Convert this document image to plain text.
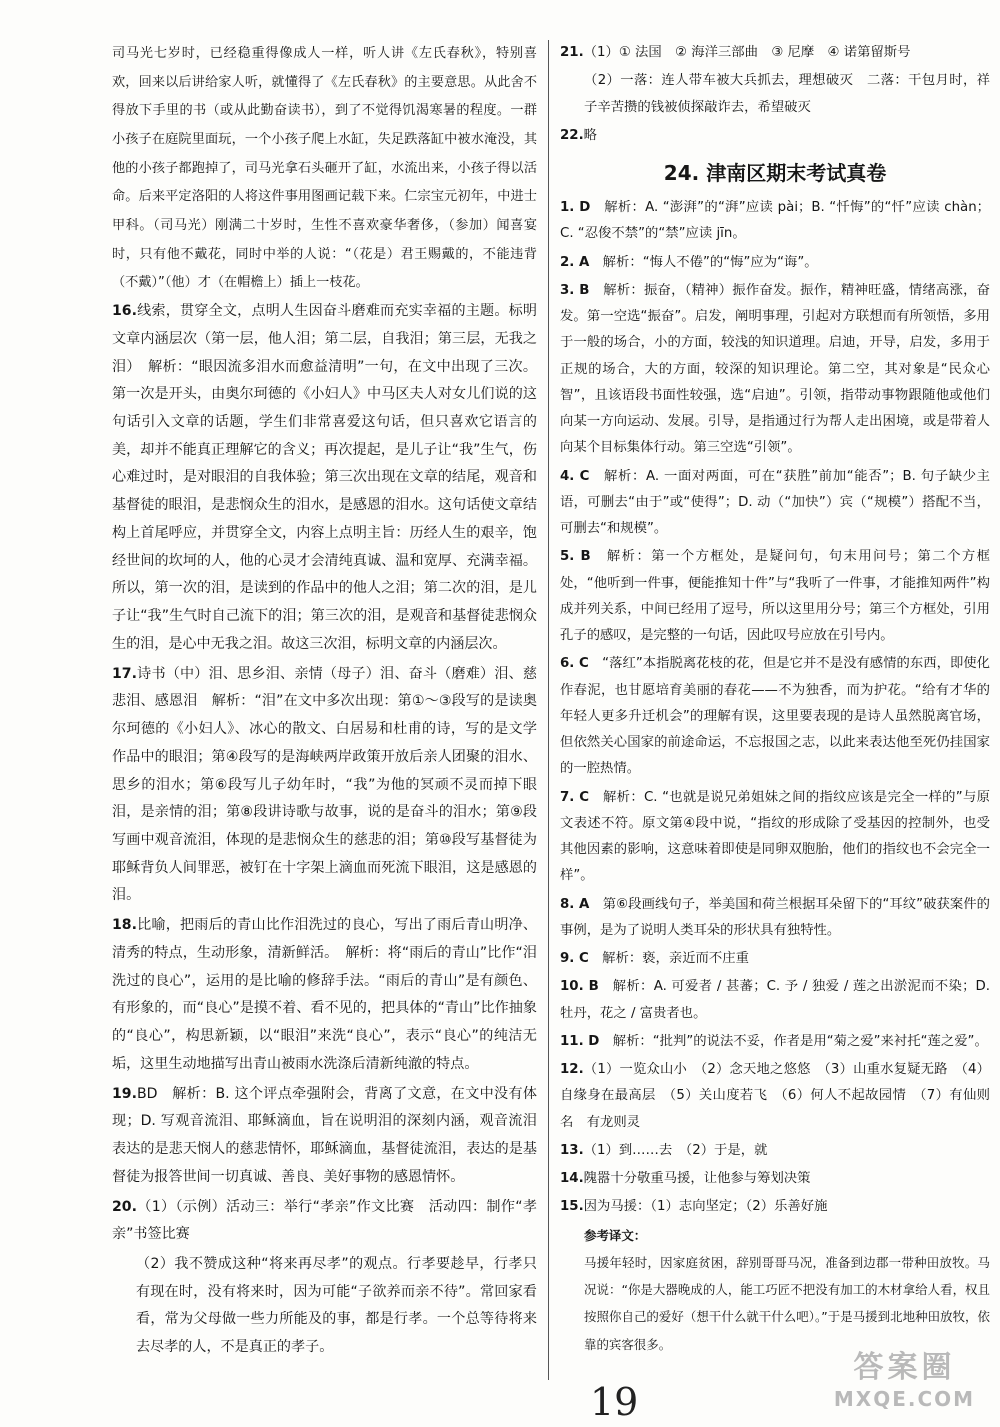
司马光七岁时，已经稳重得像成人一样，听人讲《左氏春秋》，特别喜欢，回来以后讲给家人听，就懂得了《左氏春秋》的主要意思。从此舍不得放下手里的书（或从此勤奋读书），到了不觉得饥渴寒暑的程度。一群小孩子在庭院里面玩，一个小孩子爬上水缸，失足跌落缸中被水淹没，其他的小孩子都跑掉了，司马光拿石头砸开了缸，水流出来，小孩子得以活命。后来平定洛阳的人将这件事用图画记载下来。仁宗宝元初年，中进士甲科。（司马光）刚满二十岁时，生性不喜欢豪华奢侈，（参加）闻喜宴时，只有他不戴花，同时中举的人说：“（花是）君王赐戴的，不能违背（不戴）”（他）才（在帽檐上）插上一枝花。

16.线索，贯穿全文，点明人生因奋斗磨难而充实幸福的主题。标明文章内涵层次（第一层，他人泪；第二层，自我泪；第三层，无我之泪）　解析：“眼因流多泪水而愈益清明”一句，在文中出现了三次。第一次是开头，由奥尔珂德的《小妇人》中马区夫人对女儿们说的这句话引入文章的话题，学生们非常喜爱这句话，但只喜欢它语言的美，却并不能真正理解它的含义；再次提起，是儿子让“我”生气，伤心难过时，是对眼泪的自我体验；第三次出现在文章的结尾，观音和基督徒的眼泪，是悲悯众生的泪水，是感恩的泪水。这句话使文章结构上首尾呼应，并贯穿全文，内容上点明主旨：历经人生的艰辛，饱经世间的坎坷的人，他的心灵才会清纯真诚、温和宽厚、充满幸福。所以，第一次的泪，是读到的作品中的他人之泪；第二次的泪，是儿子让“我”生气时自己流下的泪；第三次的泪，是观音和基督徒悲悯众生的泪，是心中无我之泪。故这三次泪，标明文章的内涵层次。

17.诗书（中）泪、思乡泪、亲情（母子）泪、奋斗（磨难）泪、慈悲泪、感恩泪　解析：“泪”在文中多次出现：第①～③段写的是读奥尔珂德的《小妇人》、冰心的散文、白居易和杜甫的诗，写的是文学作品中的眼泪；第④段写的是海峡两岸政策开放后亲人团聚的泪水、思乡的泪水；第⑥段写儿子幼年时，“我”为他的冥顽不灵而掉下眼泪，是亲情的泪；第⑧段讲诗歌与故事，说的是奋斗的泪水；第⑨段写画中观音流泪，体现的是悲悯众生的慈悲的泪；第⑩段写基督徒为耶稣背负人间罪恶，被钉在十字架上滴血而死流下眼泪，这是感恩的泪。

18.比喻，把雨后的青山比作泪洗过的良心，写出了雨后青山明净、清秀的特点，生动形象，清新鲜活。　解析：将“雨后的青山”比作“泪洗过的良心”，运用的是比喻的修辞手法。“雨后的青山”是有颜色、有形象的，而“良心”是摸不着、看不见的，把具体的“青山”比作抽象的“良心”，构思新颖，以“眼泪”来洗“良心”，表示“良心”的纯洁无垢，这里生动地描写出青山被雨水洗涤后清新纯澈的特点。

19.BD　解析：B. 这个评点牵强附会，背离了文意，在文中没有体现；D. 写观音流泪、耶稣滴血，旨在说明泪的深刻内涵，观音流泪表达的是悲天悯人的慈悲情怀，耶稣滴血，基督徒流泪，表达的是基督徒为报答世间一切真诚、善良、美好事物的感恩情怀。

20.（1）（示例）活动三：举行“孝亲”作文比赛　活动四：制作“孝亲”书签比赛

（2）我不赞成这种“将来再尽孝”的观点。行孝要趁早，行孝只有现在时，没有将来时，因为可能“子欲养而亲不待”。常回家看看，常为父母做一些力所能及的事，都是行孝。一个总等待将来去尽孝的人，不是真正的孝子。

21.（1）① 法国　② 海洋三部曲　③ 尼摩　④ 诺第留斯号

（2）一落：连人带车被大兵抓去，理想破灭　二落：干包月时，祥子辛苦攒的钱被侦探敲诈去，希望破灭

22.略

24. 津南区期末考试真卷

1. D　解析：A. “澎湃”的“湃”应读 pài；B. “忏悔”的“忏”应读 chàn；C. “忍俊不禁”的“禁”应读 jīn。

2. A　解析：“悔人不倦”的“悔”应为“诲”。

3. B　解析：振奋，（精神）振作奋发。振作，精神旺盛，情绪高涨，奋发。第一空选“振奋”。启发，阐明事理，引起对方联想而有所领悟，多用于一般的场合，小的方面，较浅的知识道理。启迪，开导，启发，多用于正规的场合，大的方面，较深的知识理论。第二空，其对象是“民众心智”，且该语段书面性较强，选“启迪”。引领，指带动事物跟随他或他们向某一方向运动、发展。引导，是指通过行为帮人走出困境，或是带着人向某个目标集体行动。第三空选“引领”。

4. C　解析：A. 一面对两面，可在“获胜”前加“能否”；B. 句子缺少主语，可删去“由于”或“使得”；D. 动（“加快”）宾（“规模”）搭配不当，可删去“和规模”。

5. B　解析：第一个方框处，是疑问句，句末用问号；第二个方框处，“他听到一件事，便能推知十件”与“我听了一件事，才能推知两件”构成并列关系，中间已经用了逗号，所以这里用分号；第三个方框处，引用孔子的感叹，是完整的一句话，因此叹号应放在引号内。

6. C　“落红”本指脱离花枝的花，但是它并不是没有感情的东西，即使化作春泥，也甘愿培育美丽的春花——不为独香，而为护花。“给有才华的年轻人更多升迁机会”的理解有误，这里要表现的是诗人虽然脱离官场，但依然关心国家的前途命运，不忘报国之志，以此来表达他至死仍挂国家的一腔热情。

7. C　解析：C. “也就是说兄弟姐妹之间的指纹应该是完全一样的”与原文表述不符。原文第④段中说，“指纹的形成除了受基因的控制外，也受其他因素的影响，这意味着即使是同卵双胞胎，他们的指纹也不会完全一样”。

8. A　第⑥段画线句子，举美国和荷兰根据耳朵留下的“耳纹”破获案件的事例，是为了说明人类耳朵的形状具有独特性。

9. C　解析：亵，亲近而不庄重

10. B　解析：A. 可爱者 / 甚蕃；C. 予 / 独爱 / 莲之出淤泥而不染；D. 牡丹，花之 / 富贵者也。

11. D　解析：“批判”的说法不妥，作者是用“菊之爱”来衬托“莲之爱”。

12.（1）一览众山小　（2）念天地之悠悠　（3）山重水复疑无路　（4）自缘身在最高层　（5）关山度若飞　（6）何人不起故园情　（7）有仙则名　有龙则灵

13.（1）到……去　（2）于是，就

14.隗嚣十分敬重马援，让他参与筹划决策

15.因为马援：（1）志向坚定；（2）乐善好施

参考译文：

马援年轻时，因家庭贫困，辞别哥哥马况，准备到边郡一带种田放牧。马况说：“你是大器晚成的人，能工巧匠不把没有加工的木材拿给人看，权且按照你自己的爱好（想干什么就干什么吧）。”于是马援到北地种田放牧，依靠的宾客很多。

19
答案圈
MXQE.COM
